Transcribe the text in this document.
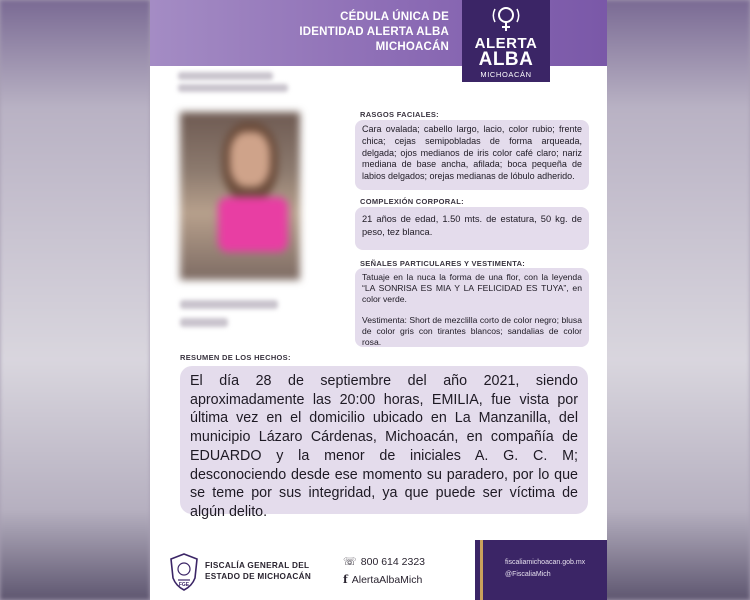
CÉDULA ÚNICA DE
IDENTIDAD ALERTA ALBA
MICHOACÁN	ALERTA
ALBA
MICHOACÁN
RASGOS FACIALES:

Cara ovalada; cabello largo, lacio, color rubio; frente chica; cejas semipobladas de forma arqueada, delgada; ojos medianos de iris color café claro; nariz mediana de base ancha, afilada; boca pequeña de labios delgados; orejas medianas de lóbulo adherido.

COMPLEXIÓN CORPORAL:

21 años de edad, 1.50 mts. de estatura, 50 kg. de peso, tez blanca.

SEÑALES PARTICULARES Y VESTIMENTA:

Tatuaje en la nuca la forma de una flor, con la leyenda “LA SONRISA ES MIA Y LA FELICIDAD ES TUYA”, en color verde.

Vestimenta: Short de mezclilla corto de color negro; blusa de color gris con tirantes blancos; sandalias de color rosa.

RESUMEN DE LOS HECHOS:

El día 28 de septiembre del año 2021, siendo aproximadamente las 20:00 horas, EMILIA, fue vista por última vez en el domicilio ubicado en La Manzanilla, del municipio Lázaro Cárdenas, Michoacán, en compañía de EDUARDO y la menor de iniciales A. G. C. M; desconociendo desde ese momento su paradero, por lo que se teme por sus integridad, ya que puede ser víctima de algún delito.

FGE
FISCALÍA GENERAL DEL
ESTADO DE MICHOACÁN
☏ 800 614 2323
f AlertaAlbaMich
fiscaliamichoacan.gob.mx
@FiscaliaMich
